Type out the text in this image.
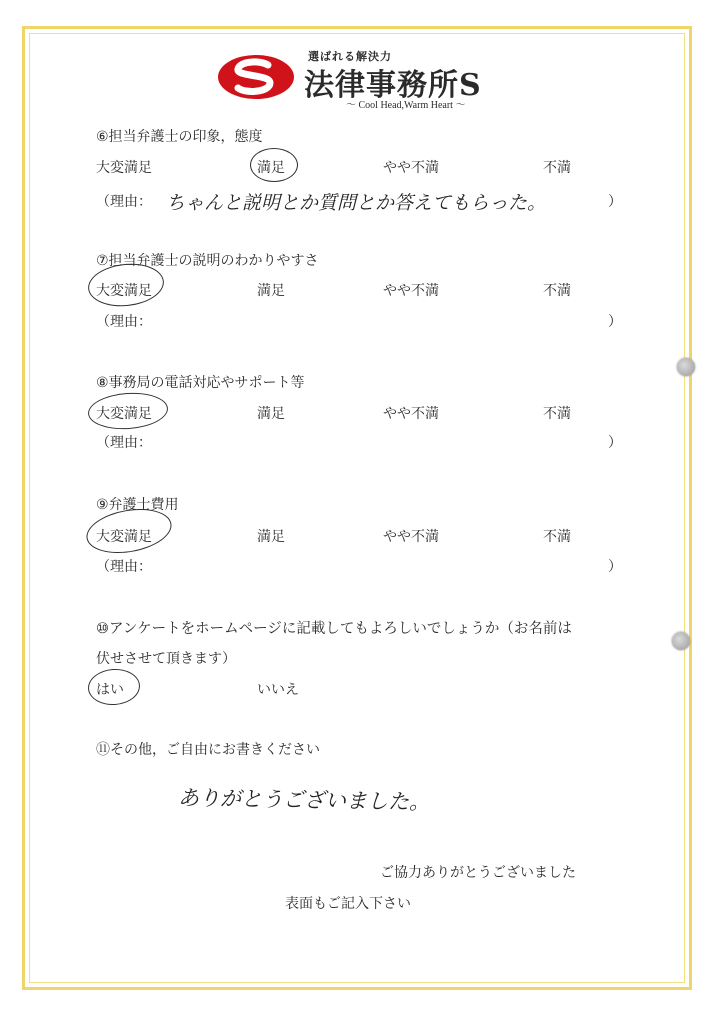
選ばれる解決力
法律事務所S
～ Cool Head,Warm Heart ～
⑥担当弁護士の印象，態度
大変満足	満足	やや不満	不満
（理由： ちゃんと説明とか質問とか答えてもらった。	）
⑦担当弁護士の説明のわかりやすさ
大変満足	満足	やや不満	不満
（理由：	）
⑧事務局の電話対応やサポート等
大変満足	満足	やや不満	不満
（理由：	）
⑨弁護士費用
大変満足	満足	やや不満	不満
（理由：	）
⑩アンケートをホームページに記載してもよろしいでしょうか（お名前は
伏せさせて頂きます）
はい	いいえ
⑪その他，ご自由にお書きください
ありがとうございました。
ご協力ありがとうございました
表面もご記入下さい
